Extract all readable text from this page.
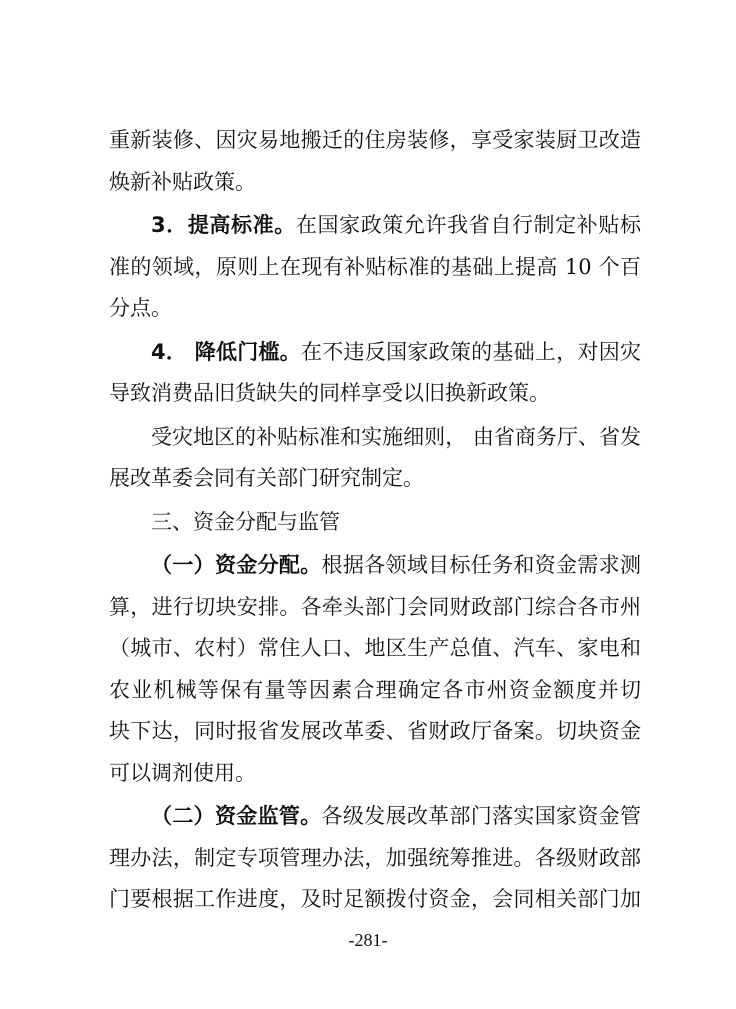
重新装修、因灾易地搬迁的住房装修，享受家装厨卫改造
焕新补贴政策。
3．提高标准。在国家政策允许我省自行制定补贴标
准的领域，原则上在现有补贴标准的基础上提高 10 个百
分点。
4． 降低门槛。在不违反国家政策的基础上，对因灾
导致消费品旧货缺失的同样享受以旧换新政策。
受灾地区的补贴标准和实施细则， 由省商务厅、省发
展改革委会同有关部门研究制定。
三、资金分配与监管
（一）资金分配。根据各领域目标任务和资金需求测
算，进行切块安排。各牵头部门会同财政部门综合各市州
（城市、农村）常住人口、地区生产总值、汽车、家电和
农业机械等保有量等因素合理确定各市州资金额度并切
块下达，同时报省发展改革委、省财政厅备案。切块资金
可以调剂使用。
（二）资金监管。各级发展改革部门落实国家资金管
理办法，制定专项管理办法，加强统筹推进。各级财政部
门要根据工作进度，及时足额拨付资金，会同相关部门加
-281-
